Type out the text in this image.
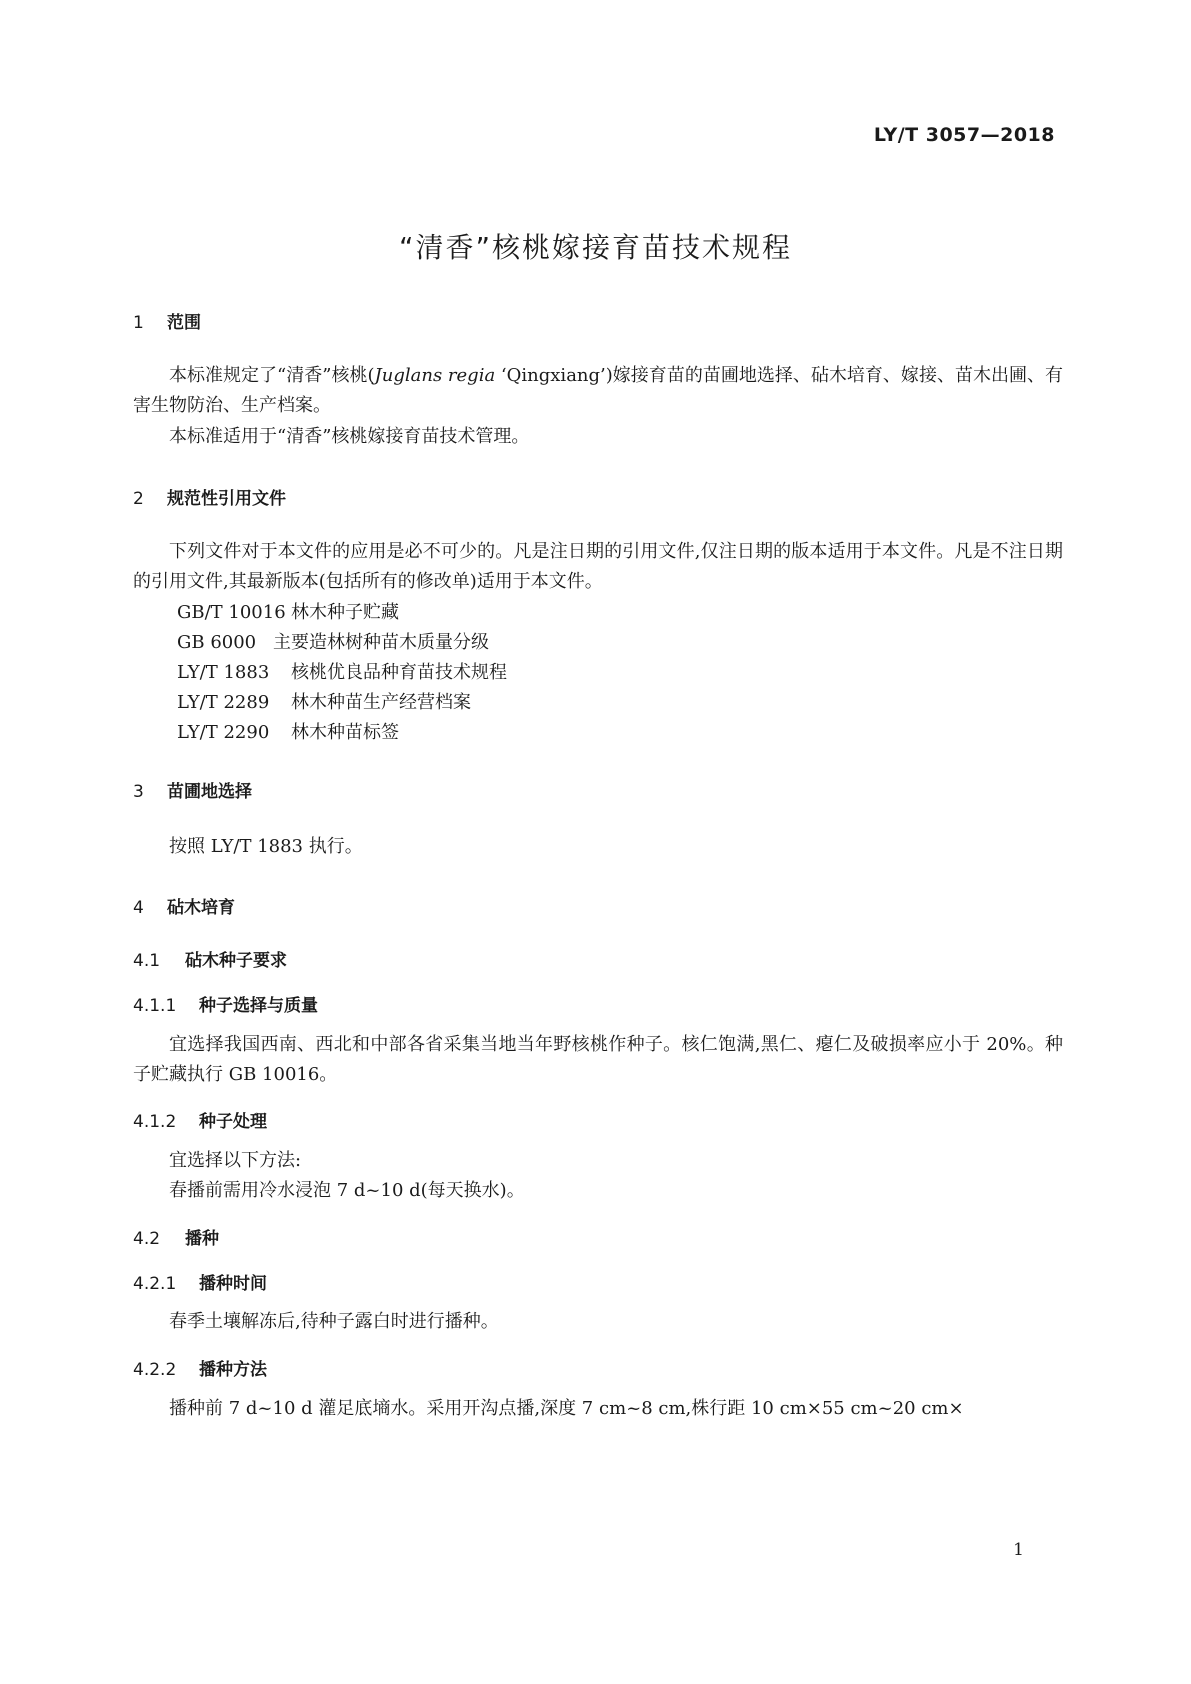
LY/T 3057—2018
“清香”核桃嫁接育苗技术规程
1 范围
本标准规定了“清香”核桃(Juglans regia ‘Qingxiang’)嫁接育苗的苗圃地选择、砧木培育、嫁接、苗木出圃、有害生物防治、生产档案。
本标准适用于“清香”核桃嫁接育苗技术管理。
2 规范性引用文件
下列文件对于本文件的应用是必不可少的。凡是注日期的引用文件,仅注日期的版本适用于本文件。凡是不注日期的引用文件,其最新版本(包括所有的修改单)适用于本文件。
GB/T 10016 林木种子贮藏
GB 6000 主要造林树种苗木质量分级
LY/T 1883 核桃优良品种育苗技术规程
LY/T 2289 林木种苗生产经营档案
LY/T 2290 林木种苗标签
3 苗圃地选择
按照 LY/T 1883 执行。
4 砧木培育
4.1 砧木种子要求
4.1.1 种子选择与质量
宜选择我国西南、西北和中部各省采集当地当年野核桃作种子。核仁饱满,黑仁、瘪仁及破损率应小于 20%。种子贮藏执行 GB 10016。
4.1.2 种子处理
宜选择以下方法:
春播前需用冷水浸泡 7 d~10 d(每天换水)。
4.2 播种
4.2.1 播种时间
春季土壤解冻后,待种子露白时进行播种。
4.2.2 播种方法
播种前 7 d~10 d 灌足底墒水。采用开沟点播,深度 7 cm~8 cm,株行距 10 cm×55 cm~20 cm×
1
